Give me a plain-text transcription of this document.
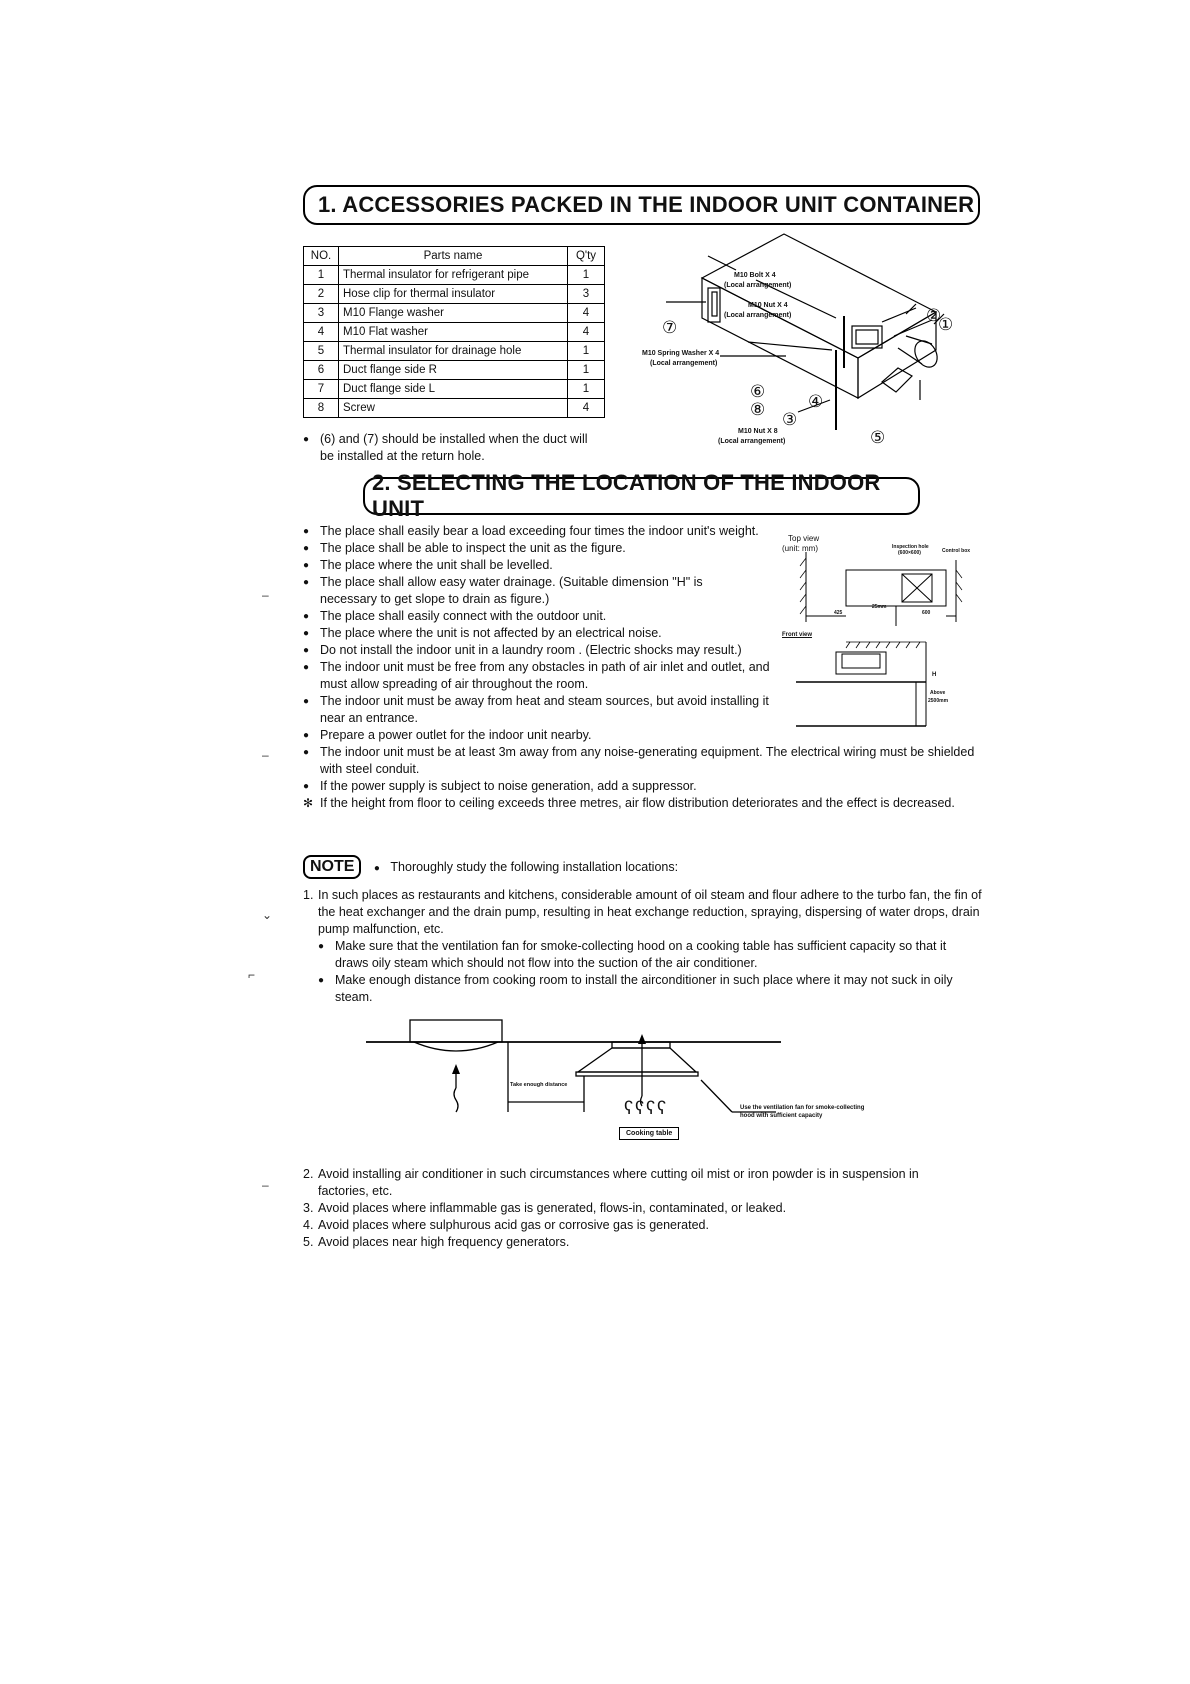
1. ACCESSORIES PACKED IN THE INDOOR UNIT CONTAINER
NO.	Parts name	Q'ty
1	Thermal insulator for refrigerant pipe	1
2	Hose clip for thermal insulator	3
3	M10 Flange washer	4
4	M10 Flat washer	4
5	Thermal insulator for drainage hole	1
6	Duct flange side R	1
7	Duct flange side L	1
8	Screw	4
● (6) and (7) should be installed when the duct will be installed at the return hole.
M10 Bolt X 4
(Local arrangement)
M10 Nut X 4
(Local arrangement)
M10 Spring Washer X 4
(Local arrangement)
M10 Nut X 8
(Local arrangement)
①
②
③
④
⑤
⑥
⑦
⑧
2. SELECTING THE LOCATION OF THE INDOOR UNIT
● The place shall easily bear a load exceeding four times the indoor unit's weight.
● The place shall be able to inspect the unit as the figure.
● The place where the unit shall be levelled.
● The place shall allow easy water drainage. (Suitable dimension "H" is necessary to get slope to drain as figure.)
● The place shall easily connect with the outdoor unit.
● The place where the unit is not affected by an electrical noise.
● Do not install the indoor unit in a laundry room . (Electric shocks may result.)
● The indoor unit must be free from any obstacles in path of air inlet and outlet, and must allow spreading of air throughout the room.
● The indoor unit must be away from heat and steam sources, but avoid installing it near an entrance.
● Prepare a power outlet for the indoor unit nearby.
● The indoor unit must be at least 3m away from any noise-generating equipment. The electrical wiring must be shielded with steel conduit.
● If the power supply is subject to noise generation, add a suppressor.
✻ If the height from floor to ceiling exceeds three metres, air flow distribution deteriorates and the effect is decreased.
Top view
(unit: mm)	Inspection hole
(600×600)	Control box
425
25mm
600
Front view
H
Above
2500mm
NOTE ● Thoroughly study the following installation locations:
1. In such places as restaurants and kitchens, considerable amount of oil steam and flour adhere to the turbo fan, the fin of the heat exchanger and the drain pump, resulting in heat exchange reduction, spraying, dispersing of water drops, drain pump malfunction, etc.
● Make sure that the ventilation fan for smoke-collecting hood on a cooking table has sufficient capacity so that it draws oily steam which should not flow into the suction of the air conditioner.
● Make enough distance from cooking room to install the airconditioner in such place where it may not suck in oily steam.
Take enough distance
ʕʕʕʕ
Cooking table
Use the ventilation fan for smoke-collecting hood with sufficient capacity
2. Avoid installing air conditioner in such circumstances where cutting oil mist or iron powder is in suspension in factories, etc.
3. Avoid places where inflammable gas is generated, flows-in, contaminated, or leaked.
4. Avoid places where sulphurous acid gas or corrosive gas is generated.
5. Avoid places near high frequency generators.
–
–
⌄
⌐
–
